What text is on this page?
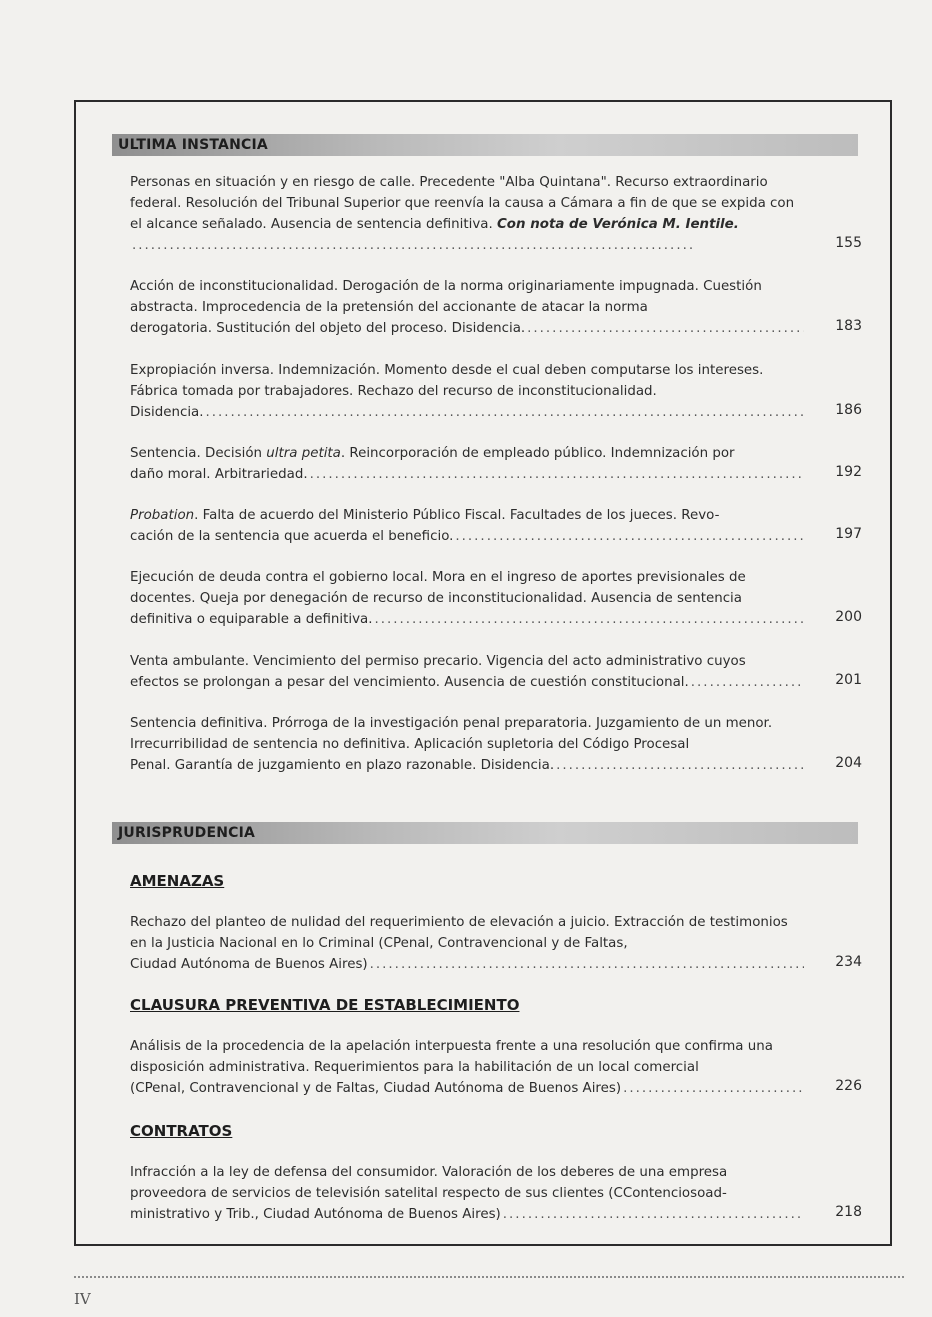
ULTIMA INSTANCIA
Personas en situación y en riesgo de calle. Precedente "Alba Quintana". Recurso extraordinario federal. Resolución del Tribunal Superior que reenvía la causa a Cámara a fin de que se expida con el alcance señalado. Ausencia de sentencia definitiva. Con nota de Verónica M. Ientile......
155
Acción de inconstitucionalidad. Derogación de la norma originariamente impugnada. Cuestión abstracta. Improcedencia de la pretensión del accionante de atacar la norma
derogatoria. Sustitución del objeto del proceso. Disidencia. .....	183
Expropiación inversa. Indemnización. Momento desde el cual deben computarse los intereses. Fábrica tomada por trabajadores. Rechazo del recurso de inconstitucionalidad.
Disidencia. .....	186
Sentencia. Decisión ultra petita. Reincorporación de empleado público. Indemnización por
daño moral. Arbitrariedad. .....	192
Probation. Falta de acuerdo del Ministerio Público Fiscal. Facultades de los jueces. Revo-
cación de la sentencia que acuerda el beneficio. .....	197
Ejecución de deuda contra el gobierno local. Mora en el ingreso de aportes previsionales de docentes. Queja por denegación de recurso de inconstitucionalidad. Ausencia de sentencia
definitiva o equiparable a definitiva. .....	200
Venta ambulante. Vencimiento del permiso precario. Vigencia del acto administrativo cuyos
efectos se prolongan a pesar del vencimiento. Ausencia de cuestión constitucional. .....	201
Sentencia definitiva. Prórroga de la investigación penal preparatoria. Juzgamiento de un menor. Irrecurribilidad de sentencia no definitiva. Aplicación supletoria del Código Procesal
Penal. Garantía de juzgamiento en plazo razonable. Disidencia. .....	204
JURISPRUDENCIA
AMENAZAS
Rechazo del planteo de nulidad del requerimiento de elevación a juicio. Extracción de testimonios en la Justicia Nacional en lo Criminal (CPenal, Contravencional y de Faltas,
Ciudad Autónoma de Buenos Aires) .....	234
CLAUSURA PREVENTIVA DE ESTABLECIMIENTO
Análisis de la procedencia de la apelación interpuesta frente a una resolución que confirma una disposición administrativa. Requerimientos para la habilitación de un local comercial
(CPenal, Contravencional y de Faltas, Ciudad Autónoma de Buenos Aires) .....	226
CONTRATOS
Infracción a la ley de defensa del consumidor. Valoración de los deberes de una empresa proveedora de servicios de televisión satelital respecto de sus clientes (CContenciosoad-
ministrativo y Trib., Ciudad Autónoma de Buenos Aires) .....	218
IV
